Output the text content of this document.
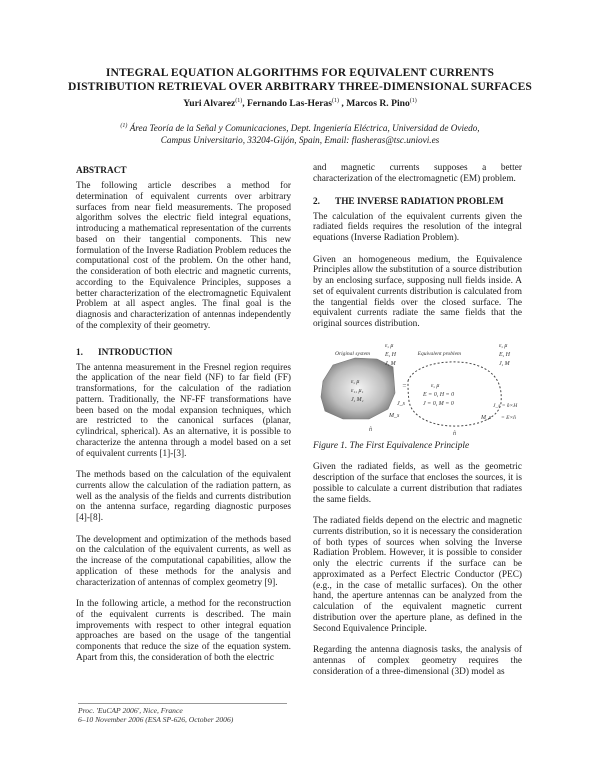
INTEGRAL EQUATION ALGORITHMS FOR EQUIVALENT CURRENTS
DISTRIBUTION RETRIEVAL OVER ARBITRARY THREE-DIMENSIONAL SURFACES
Yuri Alvarez$^{(1)}$, Fernando Las-Heras$^{(1)}$ , Marcos R. Pino$^{(1)}$
$^{(1)}$ Área Teoría de la Señal y Comunicaciones, Dept. Ingeniería Eléctrica, Universidad de Oviedo,
Campus Universitario, 33204-Gijón, Spain, Email: flasheras@tsc.uniovi.es
ABSTRACT

The following article describes a method for determination of equivalent currents over arbitrary surfaces from near field measurements. The proposed algorithm solves the electric field integral equations, introducing a mathematical representation of the currents based on their tangential components. This new formulation of the Inverse Radiation Problem reduces the computational cost of the problem. On the other hand, the consideration of both electric and magnetic currents, according to the Equivalence Principles, supposes a better characterization of the electromagnetic Equivalent Problem at all aspect angles. The final goal is the diagnosis and characterization of antennas independently of the complexity of their geometry.

1. INTRODUCTION

The antenna measurement in the Fresnel region requires the application of the near field (NF) to far field (FF) transformations, for the calculation of the radiation pattern. Traditionally, the NF-FF transformations have been based on the modal expansion techniques, which are restricted to the canonical surfaces (planar, cylindrical, spherical). As an alternative, it is possible to characterize the antenna through a model based on a set of equivalent currents [1]-[3].

The methods based on the calculation of the equivalent currents allow the calculation of the radiation pattern, as well as the analysis of the fields and currents distribution on the antenna surface, regarding diagnostic purposes [4]-[8].

The development and optimization of the methods based on the calculation of the equivalent currents, as well as the increase of the computational capabilities, allow the application of these methods for the analysis and characterization of antennas of complex geometry [9].

In the following article, a method for the reconstruction of the equivalent currents is described. The main improvements with respect to other integral equation approaches are based on the usage of the tangential components that reduce the size of the equation system. Apart from this, the consideration of both the electric

and magnetic currents supposes a better characterization of the electromagnetic (EM) problem.

2. THE INVERSE RADIATION PROBLEM

The calculation of the equivalent currents given the radiated fields requires the resolution of the integral equations (Inverse Radiation Problem).

Given an homogeneous medium, the Equivalence Principles allow the substitution of a source distribution by an enclosing surface, supposing null fields inside. A set of equivalent currents distribution is calculated from the tangential fields over the closed surface. The equivalent currents radiate the same fields that the original sources distribution.

Original system	Equivalent problem
ε, μ
E, H
J, M
ε, μ
ε₁, μ₁
J, M₁
J_s
M_s
=
ε, μ
E, H
J, M
ε, μ
E = 0, H = 0
J = 0, M = 0	J_s = n̂×H
M_s = E×n̂
n̂
n̂
Figure 1. The First Equivalence Principle

Given the radiated fields, as well as the geometric description of the surface that encloses the sources, it is possible to calculate a current distribution that radiates the same fields.

The radiated fields depend on the electric and magnetic currents distribution, so it is necessary the consideration of both types of sources when solving the Inverse Radiation Problem. However, it is possible to consider only the electric currents if the surface can be approximated as a Perfect Electric Conductor (PEC) (e.g., in the case of metallic surfaces). On the other hand, the aperture antennas can be analyzed from the calculation of the equivalent magnetic current distribution over the aperture plane, as defined in the Second Equivalence Principle.

Regarding the antenna diagnosis tasks, the analysis of antennas of complex geometry requires the consideration of a three-dimensional (3D) model as

Proc. 'EuCAP 2006', Nice, France
6–10 November 2006 (ESA SP-626, October 2006)
